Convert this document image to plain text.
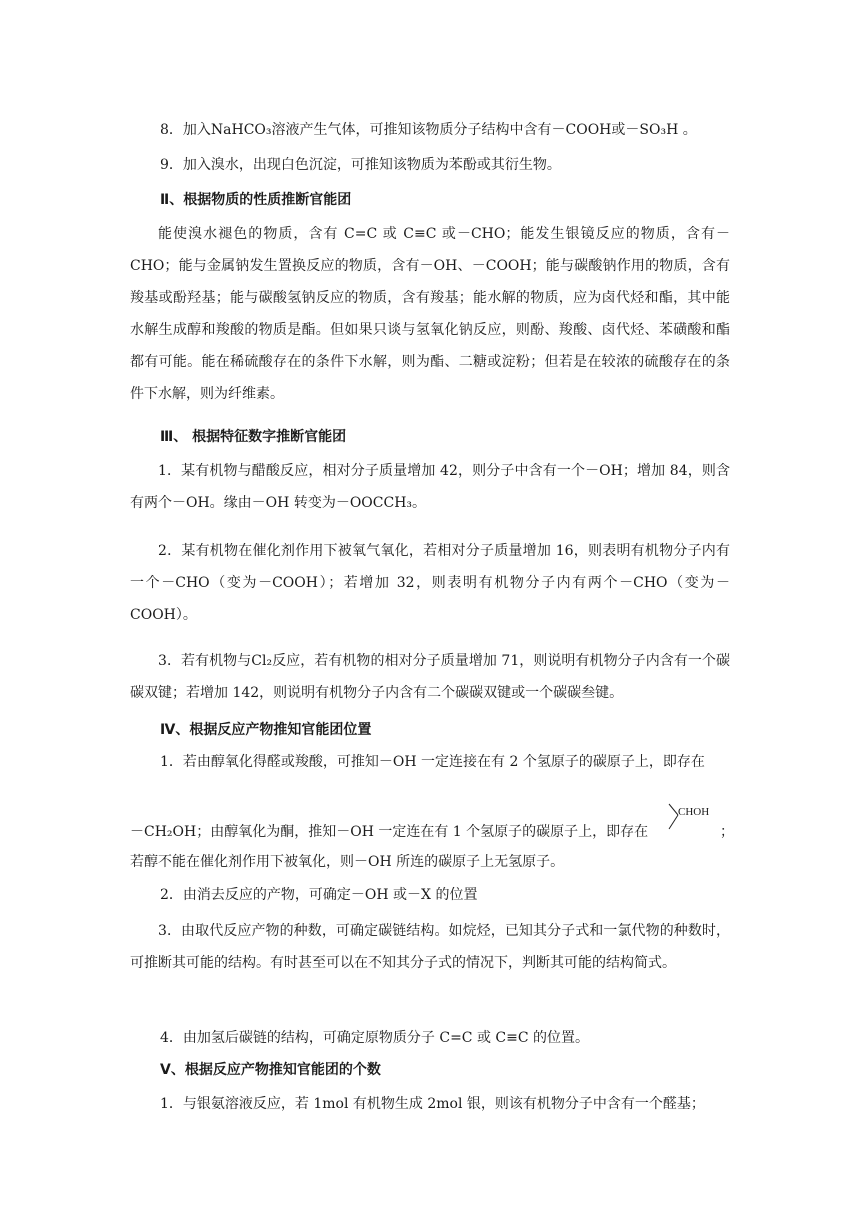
8．加入NaHCO₃溶液产生气体，可推知该物质分子结构中含有－COOH或－SO₃H 。

9．加入溴水，出现白色沉淀，可推知该物质为苯酚或其衍生物。

Ⅱ、根据物质的性质推断官能团

能使溴水褪色的物质，含有 C=C 或 C≡C 或－CHO；能发生银镜反应的物质，含有－CHO；能与金属钠发生置换反应的物质，含有－OH、－COOH；能与碳酸钠作用的物质，含有羧基或酚羟基；能与碳酸氢钠反应的物质，含有羧基；能水解的物质，应为卤代烃和酯，其中能水解生成醇和羧酸的物质是酯。但如果只谈与氢氧化钠反应，则酚、羧酸、卤代烃、苯磺酸和酯都有可能。能在稀硫酸存在的条件下水解，则为酯、二糖或淀粉；但若是在较浓的硫酸存在的条件下水解，则为纤维素。

Ⅲ、 根据特征数字推断官能团

1．某有机物与醋酸反应，相对分子质量增加 42，则分子中含有一个－OH；增加 84，则含有两个－OH。缘由－OH 转变为－OOCCH₃。

2．某有机物在催化剂作用下被氧气氧化，若相对分子质量增加 16，则表明有机物分子内有一个－CHO（变为－COOH）；若增加 32，则表明有机物分子内有两个－CHO（变为－COOH）。

3．若有机物与Cl₂反应，若有机物的相对分子质量增加 71，则说明有机物分子内含有一个碳碳双键；若增加 142，则说明有机物分子内含有二个碳碳双键或一个碳碳叁键。

Ⅳ、根据反应产物推知官能团位置

1．若由醇氧化得醛或羧酸，可推知－OH 一定连接在有 2 个氢原子的碳原子上，即存在

－CH₂OH；由醇氧化为酮，推知－OH 一定连在有 1 个氢原子的碳原子上，即存在

CHOH
；

若醇不能在催化剂作用下被氧化，则－OH 所连的碳原子上无氢原子。

2．由消去反应的产物，可确定－OH 或－X 的位置

3．由取代反应产物的种数，可确定碳链结构。如烷烃，已知其分子式和一氯代物的种数时，可推断其可能的结构。有时甚至可以在不知其分子式的情况下，判断其可能的结构简式。

4．由加氢后碳链的结构，可确定原物质分子 C=C 或 C≡C 的位置。

Ⅴ、根据反应产物推知官能团的个数

1．与银氨溶液反应，若 1mol 有机物生成 2mol 银，则该有机物分子中含有一个醛基；
